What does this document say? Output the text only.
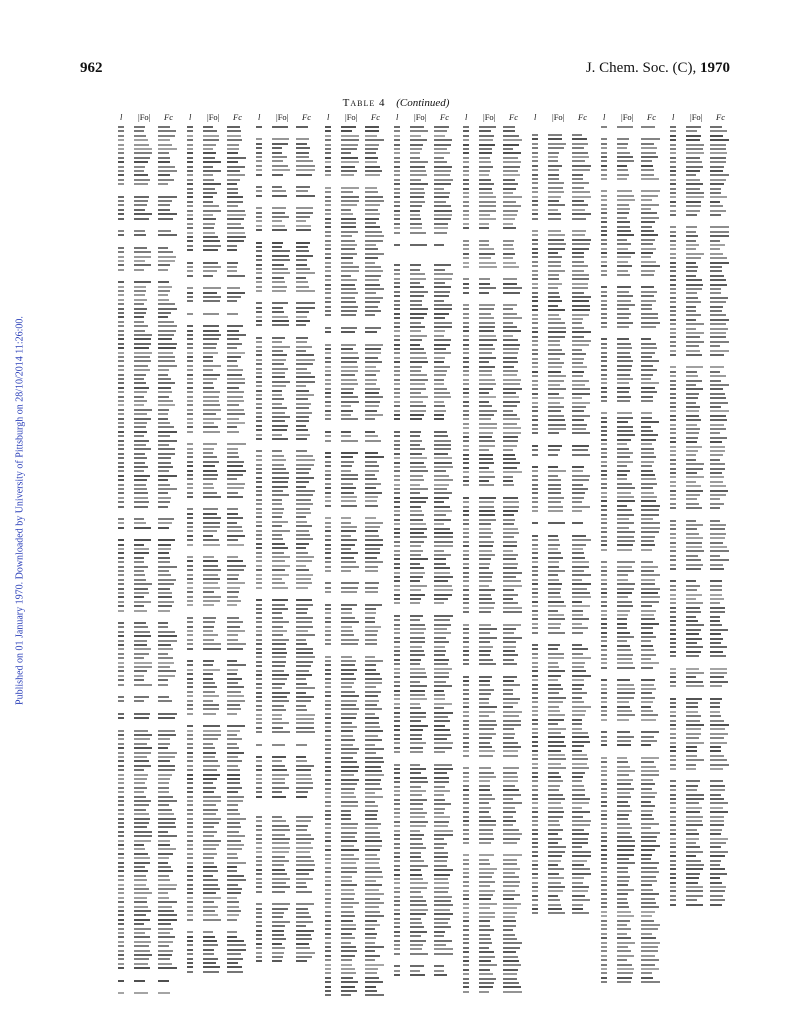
962	J. Chem. Soc. (C), 1970
Published on 01 January 1970. Downloaded by University of Pittsburgh on 28/10/2014 11:26:00.
Table 4 (Continued)
l |Fo| Fc l |Fo| Fc l |Fo| Fc l |Fo| Fc l |Fo| Fc l |Fo| Fc l |Fo| Fc l |Fo| Fc l |Fo| Fc
